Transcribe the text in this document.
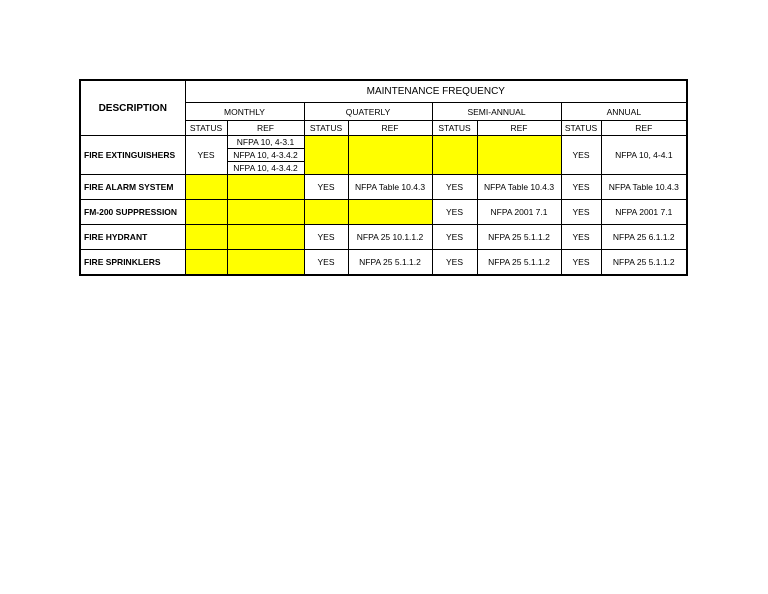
DESCRIPTION	MAINTENANCE FREQUENCY							
	MONTHLY		QUATERLY		SEMI-ANNUAL		ANNUAL	
	STATUS	REF	STATUS	REF	STATUS	REF	STATUS	REF
FIRE EXTINGUISHERS	YES	NFPA 10, 4-3.1					YES	NFPA 10, 4-4.1
		NFPA 10, 4-3.4.2						
		NFPA 10, 4-3.4.2						
FIRE ALARM SYSTEM			YES	NFPA Table 10.4.3	YES	NFPA Table 10.4.3	YES	NFPA Table 10.4.3
FM-200 SUPPRESSION					YES	NFPA 2001 7.1	YES	NFPA 2001 7.1
FIRE HYDRANT			YES	NFPA 25 10.1.1.2	YES	NFPA 25 5.1.1.2	YES	NFPA 25 6.1.1.2
FIRE SPRINKLERS			YES	NFPA 25 5.1.1.2	YES	NFPA 25 5.1.1.2	YES	NFPA 25 5.1.1.2
